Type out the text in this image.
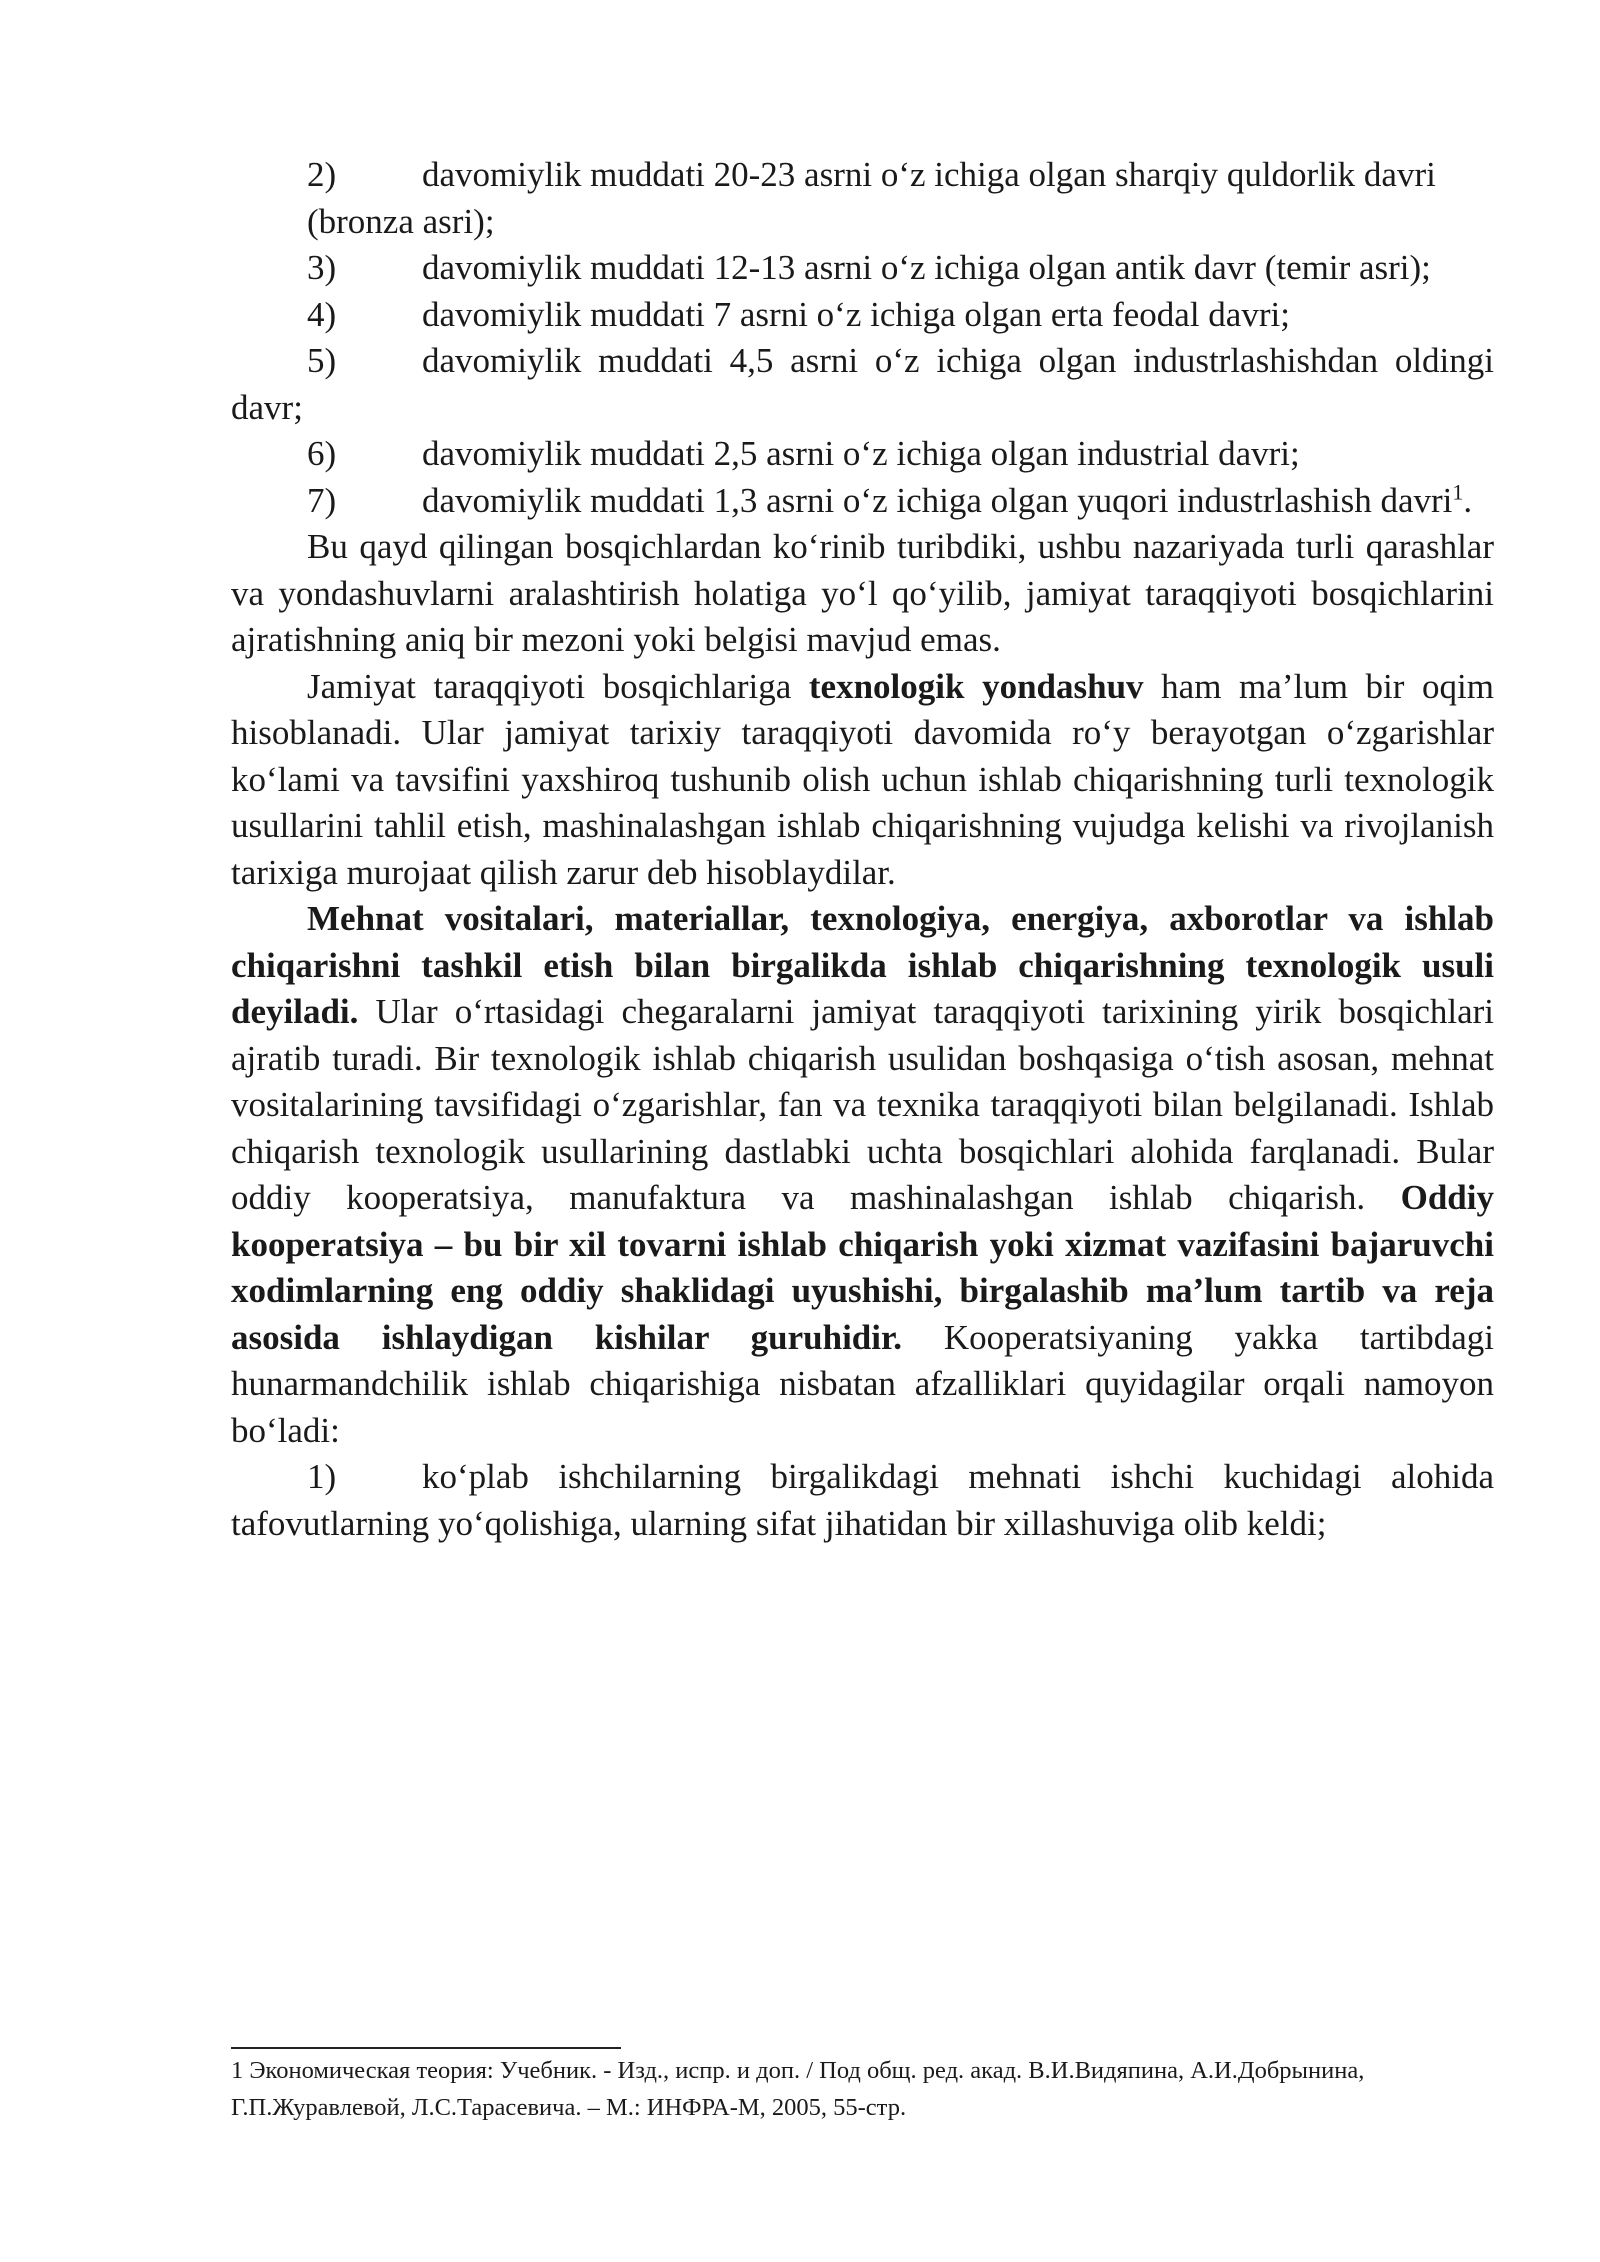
2) davomiylik muddati 20-23 asrni o‘z ichiga olgan sharqiy quldorlik davri

(bronza asri);

3) davomiylik muddati 12-13 asrni o‘z ichiga olgan antik davr (temir asri);

4) davomiylik muddati 7 asrni o‘z ichiga olgan erta feodal davri;

5) davomiylik muddati 4,5 asrni o‘z ichiga olgan industrlashishdan oldingi davr;

6) davomiylik muddati 2,5 asrni o‘z ichiga olgan industrial davri;

7) davomiylik muddati 1,3 asrni o‘z ichiga olgan yuqori industrlashish davri$^1$.

Bu qayd qilingan bosqichlardan ko‘rinib turibdiki, ushbu nazariyada turli qarashlar va yondashuvlarni aralashtirish holatiga yo‘l qo‘yilib, jamiyat taraqqiyoti bosqichlarini ajratishning aniq bir mezoni yoki belgisi mavjud emas.

Jamiyat taraqqiyoti bosqichlariga texnologik yondashuv ham ma’lum bir oqim hisoblanadi. Ular jamiyat tarixiy taraqqiyoti davomida ro‘y berayotgan o‘zgarishlar ko‘lami va tavsifini yaxshiroq tushunib olish uchun ishlab chiqarishning turli texnologik usullarini tahlil etish, mashinalashgan ishlab chiqarishning vujudga kelishi va rivojlanish tarixiga murojaat qilish zarur deb hisoblaydilar.

Mehnat vositalari, materiallar, texnologiya, energiya, axborotlar va ishlab chiqarishni tashkil etish bilan birgalikda ishlab chiqarishning texnologik usuli deyiladi. Ular o‘rtasidagi chegaralarni jamiyat taraqqiyoti tarixining yirik bosqichlari ajratib turadi. Bir texnologik ishlab chiqarish usulidan boshqasiga o‘tish asosan, mehnat vositalarining tavsifidagi o‘zgarishlar, fan va texnika taraqqiyoti bilan belgilanadi. Ishlab chiqarish texnologik usullarining dastlabki uchta bosqichlari alohida farqlanadi. Bular oddiy kooperatsiya, manufaktura va mashinalashgan ishlab chiqarish. Oddiy kooperatsiya – bu bir xil tovarni ishlab chiqarish yoki xizmat vazifasini bajaruvchi xodimlarning eng oddiy shaklidagi uyushishi, birgalashib ma’lum tartib va reja asosida ishlaydigan kishilar guruhidir. Kooperatsiyaning yakka tartibdagi hunarmandchilik ishlab chiqarishiga nisbatan afzalliklari quyidagilar orqali namoyon bo‘ladi:

1) ko‘plab ishchilarning birgalikdagi mehnati ishchi kuchidagi alohida tafovutlarning yo‘qolishiga, ularning sifat jihatidan bir xillashuviga olib keldi;

1 Экономическая теория: Учебник. - Изд., испр. и доп. / Под общ. ред. акад. В.И.Видяпина, А.И.Добрынина, Г.П.Журавлевой, Л.С.Тарасевича. – М.: ИНФРА-М, 2005, 55-стр.
